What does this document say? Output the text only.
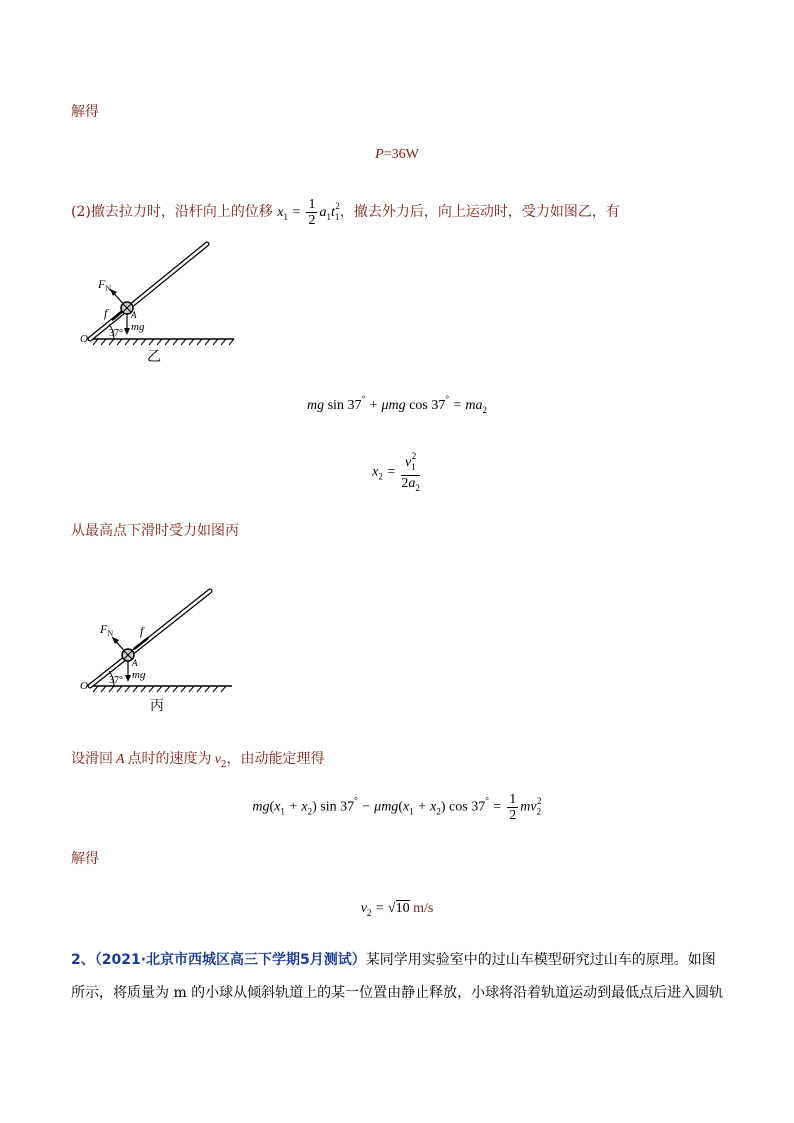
解得
P=36W
(2)撤去拉力时，沿杆向上的位移 $x_1 = \frac{1}{2} a_1t_1^2$，撤去外力后，向上运动时，受力如图乙，有
$F_N$
f	A
mg
O 37°
乙
mg sin 37° + μmg $\cos 37^\circ = ma_2$
$x_2 = \frac{v_1^2}{2a_2}$
从最高点下滑时受力如图丙
$F_N$ f
A
mg
O 37°
丙
设滑回 A 点时的速度为 $v_2$，由动能定理得
$mg(x_1 + x_2)$ $\sin 37^\circ - \mu mg(x_1 + x_2)$ $\cos 37^\circ = \frac{1}{2} mv_2^2$
解得
$v_2 = √10$ m/s
2、（2021·北京市西城区高三下学期5月测试）某同学用实验室中的过山车模型研究过山车的原理。如图
所示，将质量为 m 的小球从倾斜轨道上的某一位置由静止释放，小球将沿着轨道运动到最低点后进入圆轨
